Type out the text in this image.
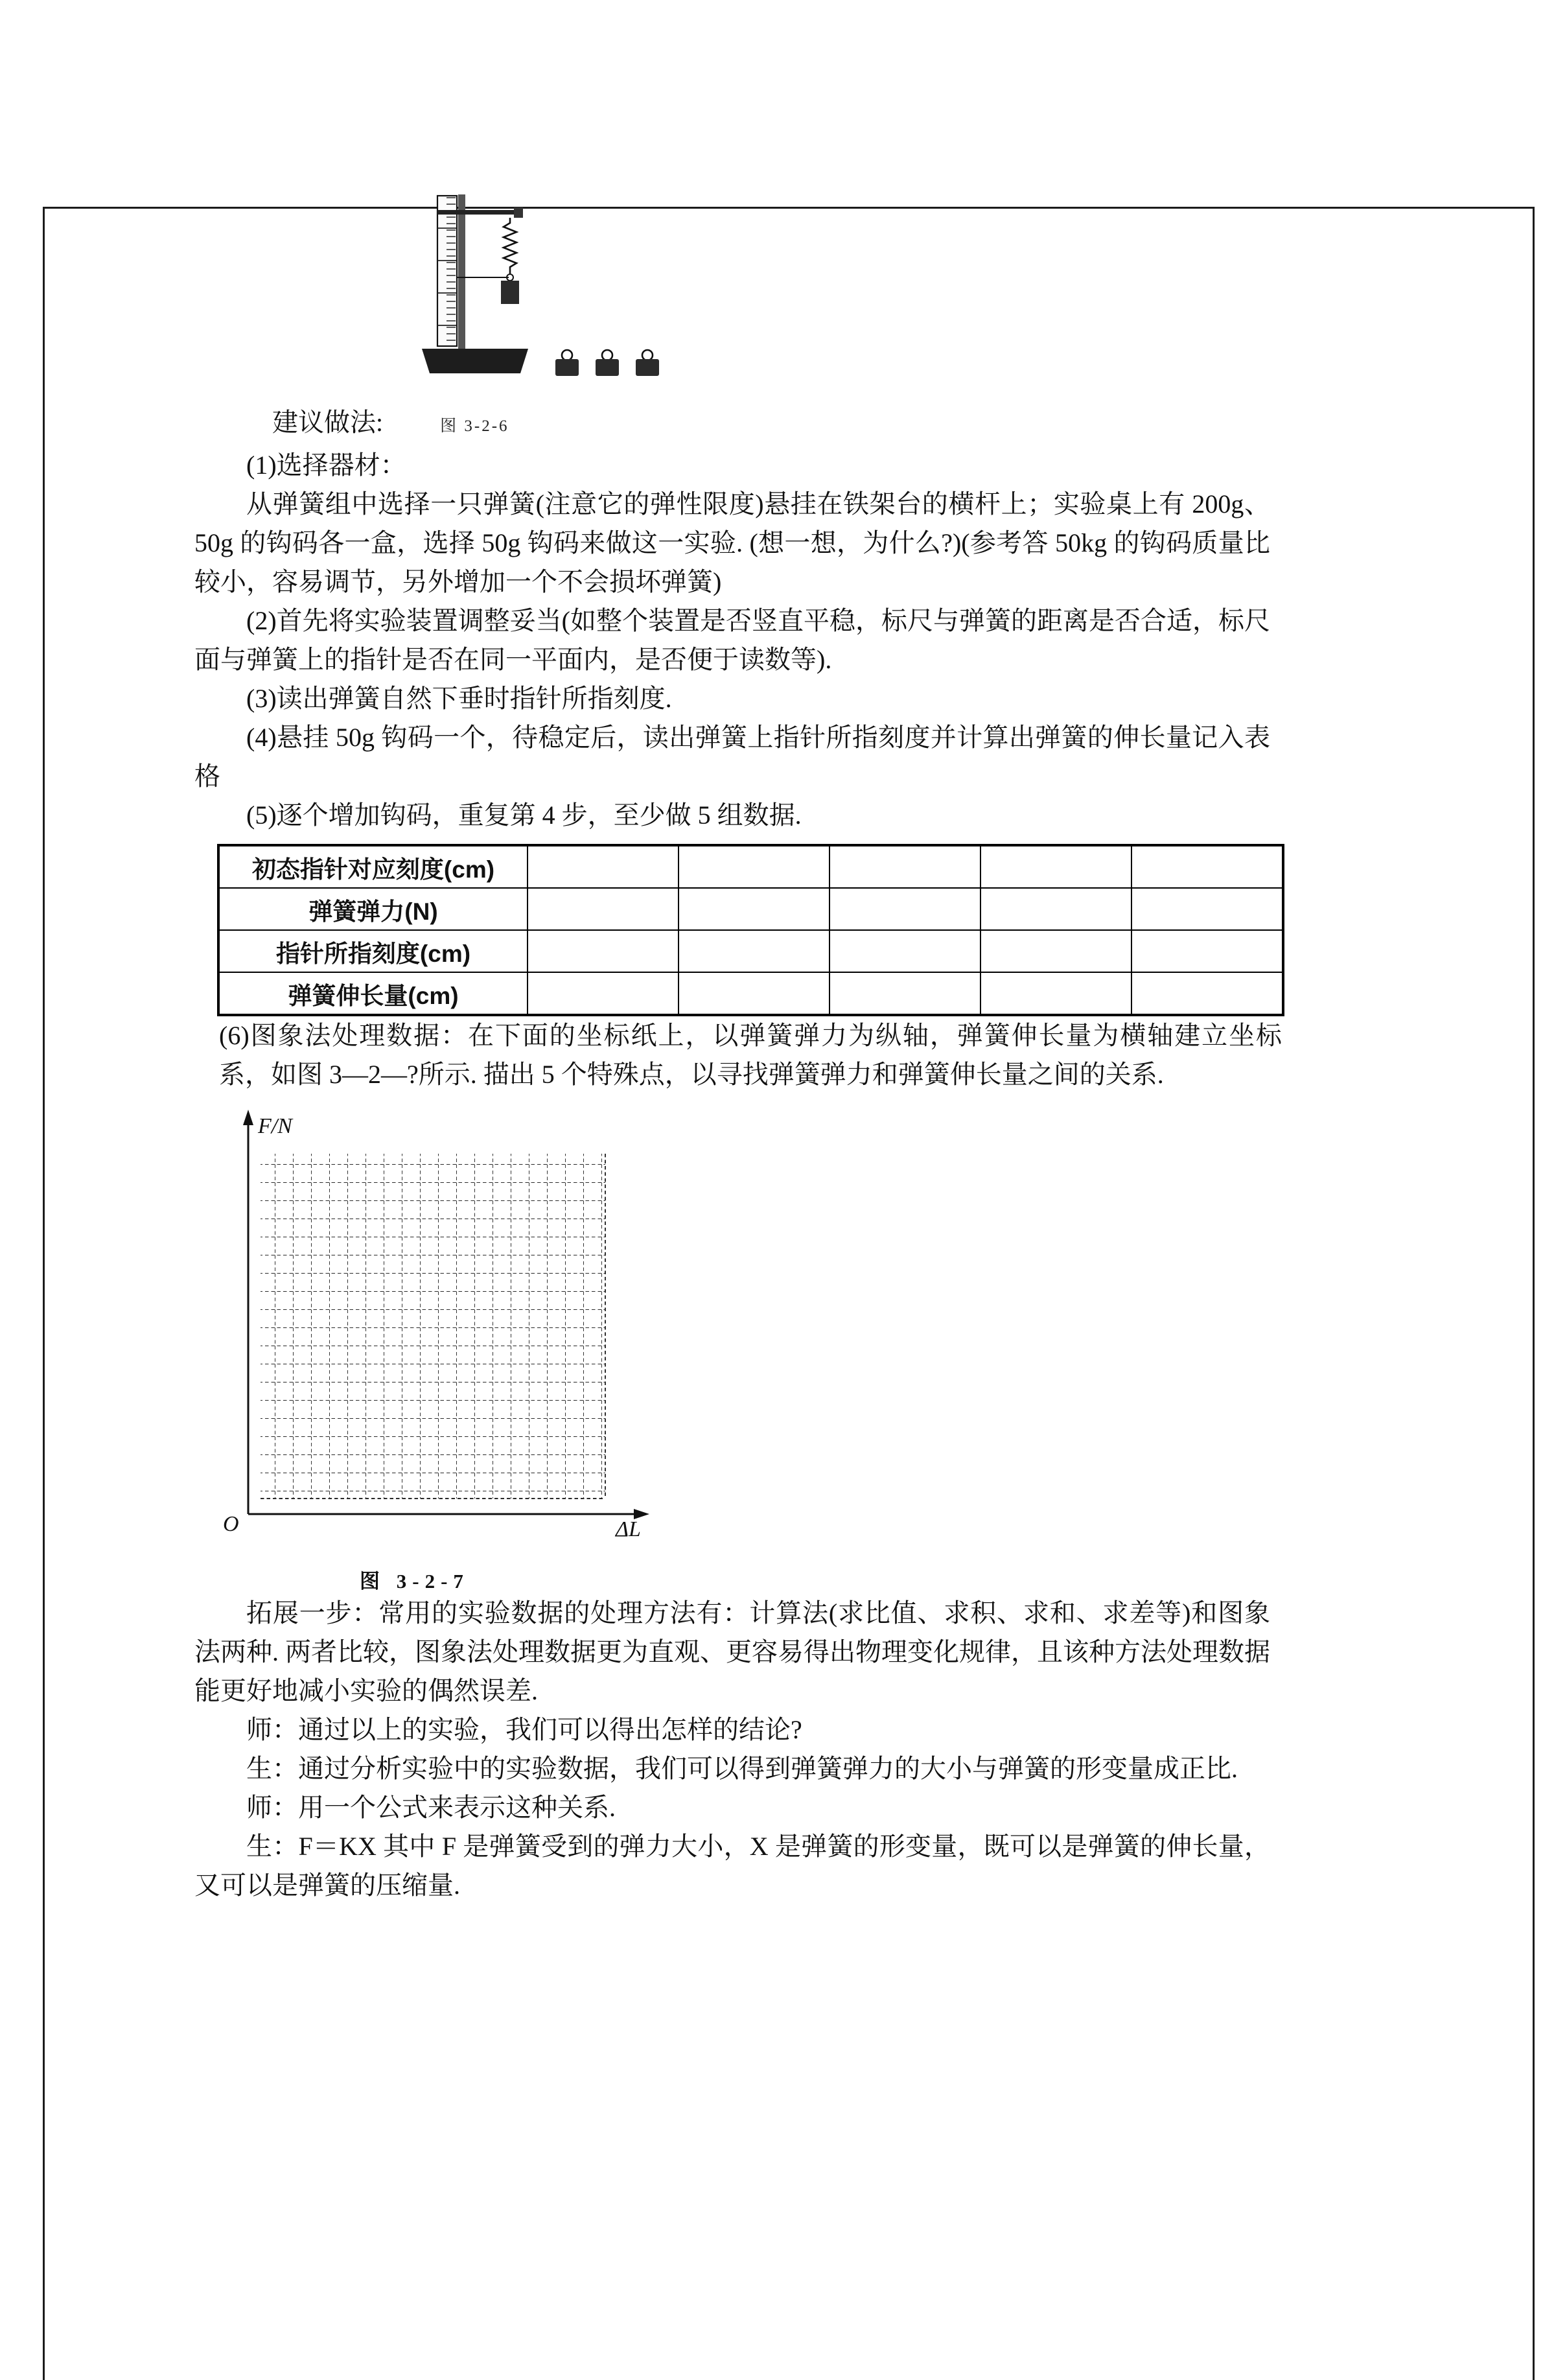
建议做法:	图 3-2-6

(1)选择器材：

从弹簧组中选择一只弹簧(注意它的弹性限度)悬挂在铁架台的横杆上；实验桌上有 200g、50g 的钩码各一盒，选择 50g 钩码来做这一实验. (想一想，为什么?)(参考答 50kg 的钩码质量比较小，容易调节，另外增加一个不会损坏弹簧)

(2)首先将实验装置调整妥当(如整个装置是否竖直平稳，标尺与弹簧的距离是否合适，标尺面与弹簧上的指针是否在同一平面内，是否便于读数等).

(3)读出弹簧自然下垂时指针所指刻度.

(4)悬挂 50g 钩码一个，待稳定后，读出弹簧上指针所指刻度并计算出弹簧的伸长量记入表格

(5)逐个增加钩码，重复第 4 步，至少做 5 组数据.

初态指针对应刻度(cm)					
弹簧弹力(N)					
指针所指刻度(cm)					
弹簧伸长量(cm)					

(6)图象法处理数据：在下面的坐标纸上，以弹簧弹力为纵轴，弹簧伸长量为横轴建立坐标系，如图 3—2—?所示. 描出 5 个特殊点，以寻找弹簧弹力和弹簧伸长量之间的关系.

F/N
ΔL
O
图 3-2-7

拓展一步：常用的实验数据的处理方法有：计算法(求比值、求积、求和、求差等)和图象法两种. 两者比较，图象法处理数据更为直观、更容易得出物理变化规律，且该种方法处理数据能更好地减小实验的偶然误差.

师：通过以上的实验，我们可以得出怎样的结论?

生：通过分析实验中的实验数据，我们可以得到弹簧弹力的大小与弹簧的形变量成正比.

师：用一个公式来表示这种关系.

生：F＝KX 其中 F 是弹簧受到的弹力大小，X 是弹簧的形变量，既可以是弹簧的伸长量，又可以是弹簧的压缩量.
